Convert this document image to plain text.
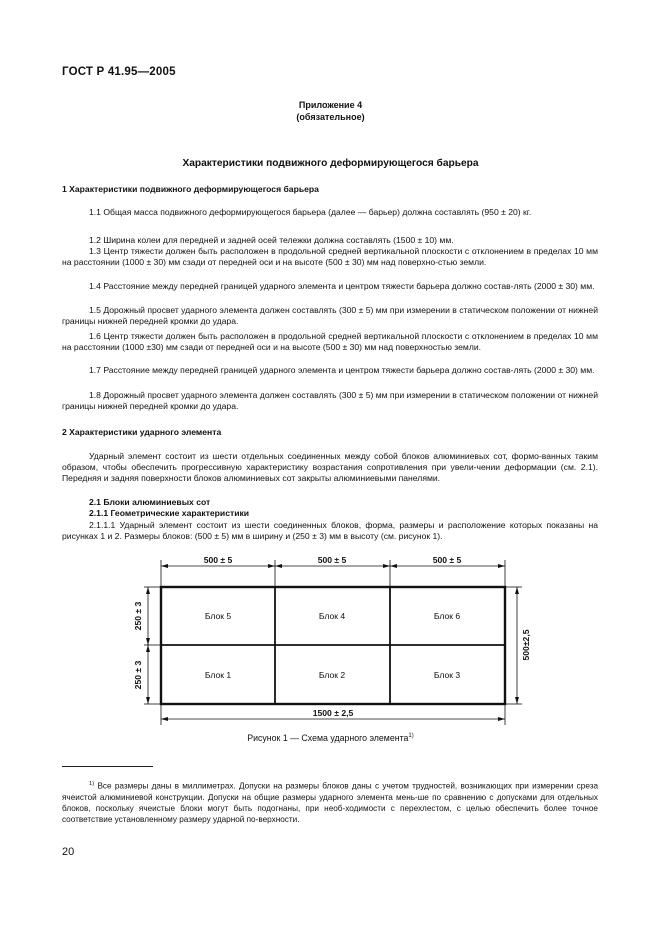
ГОСТ Р 41.95—2005
Приложение 4
(обязательное)
Характеристики подвижного деформирующегося барьера
1 Характеристики подвижного деформирующегося барьера
1.1 Общая масса подвижного деформирующегося барьера (далее — барьер) должна составлять (950 ± 20) кг.
1.2 Ширина колеи для передней и задней осей тележки должна составлять (1500 ± 10) мм.
1.3 Центр тяжести должен быть расположен в продольной средней вертикальной плоскости с отклонением в пределах 10 мм на расстоянии (1000 ± 30) мм сзади от передней оси и на высоте (500 ± 30) мм над поверхно-стью земли.
1.4 Расстояние между передней границей ударного элемента и центром тяжести барьера должно состав-лять (2000 ± 30) мм.
1.5 Дорожный просвет ударного элемента должен составлять (300 ± 5) мм при измерении в статическом положении от нижней границы нижней передней кромки до удара.
1.6 Центр тяжести должен быть расположен в продольной средней вертикальной плоскости с отклонением в пределах 10 мм на расстоянии (1000 ±30) мм сзади от передней оси и на высоте (500 ± 30) мм над поверхностью земли.
1.7 Расстояние между передней границей ударного элемента и центром тяжести барьера должно состав-лять (2000 ± 30) мм.
1.8 Дорожный просвет ударного элемента должен составлять (300 ± 5) мм при измерении в статическом положении от нижней границы нижней передней кромки до удара.
2 Характеристики ударного элемента
Ударный элемент состоит из шести отдельных соединенных между собой блоков алюминиевых сот, формо-ванных таким образом, чтобы обеспечить прогрессивную характеристику возрастания сопротивления при увели-чении деформации (см. 2.1). Передняя и задняя поверхности блоков алюминиевых сот закрыты алюминиевыми панелями.
2.1 Блоки алюминиевых сот
2.1.1 Геометрические характеристики
2.1.1.1 Ударный элемент состоит из шести соединенных блоков, форма, размеры и расположение которых показаны на рисунках 1 и 2. Размеры блоков: (500 ± 5) мм в ширину и (250 ± 3) мм в высоту (см. рисунок 1).
500 ± 5	500 ± 5	500 ± 5
250 ± 3
250 ± 3
500±2,5
1500 ± 2,5
Блок 5	Блок 4	Блок 6
Блок 1	Блок 2	Блок 3
Рисунок 1 — Схема ударного элемента$^{1)}$
$^{1)}$ Все размеры даны в миллиметрах. Допуски на размеры блоков даны с учетом трудностей, возникающих при измерении среза ячеистой алюминиевой конструкции. Допуски на общие размеры ударного элемента мень-ше по сравнению с допусками для отдельных блоков, поскольку ячеистые блоки могут быть подогнаны, при необ-ходимости с перехлестом, с целью обеспечить более точное соответствие установленному размеру ударной по-верхности.
20
